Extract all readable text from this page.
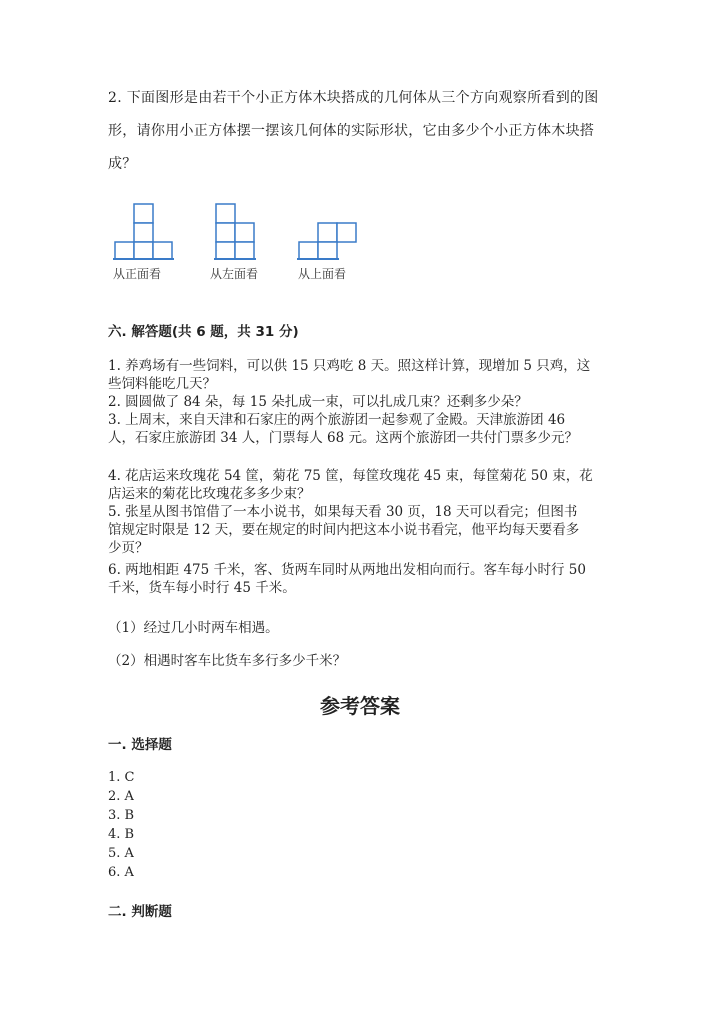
2. 下面图形是由若干个小正方体木块搭成的几何体从三个方向观察所看到的图
形，请你用小正方体摆一摆该几何体的实际形状，它由多少个小正方体木块搭
成？
从正面看	从左面看	从上面看
六. 解答题(共 6 题，共 31 分)
1. 养鸡场有一些饲料，可以供 15 只鸡吃 8 天。照这样计算，现增加 5 只鸡，这
些饲料能吃几天？
2. 圆圆做了 84 朵，每 15 朵扎成一束，可以扎成几束？还剩多少朵？
3. 上周末，来自天津和石家庄的两个旅游团一起参观了金殿。天津旅游团 46
人，石家庄旅游团 34 人，门票每人 68 元。这两个旅游团一共付门票多少元？
4. 花店运来玫瑰花 54 筐，菊花 75 筐，每筐玫瑰花 45 束，每筐菊花 50 束，花
店运来的菊花比玫瑰花多多少束？
5. 张星从图书馆借了一本小说书，如果每天看 30 页，18 天可以看完；但图书
馆规定时限是 12 天，要在规定的时间内把这本小说书看完，他平均每天要看多
少页？
6. 两地相距 475 千米，客、货两车同时从两地出发相向而行。客车每小时行 50
千米，货车每小时行 45 千米。
（1）经过几小时两车相遇。
（2）相遇时客车比货车多行多少千米？
参考答案
一. 选择题
1. C
2. A
3. B
4. B
5. A
6. A
二. 判断题
